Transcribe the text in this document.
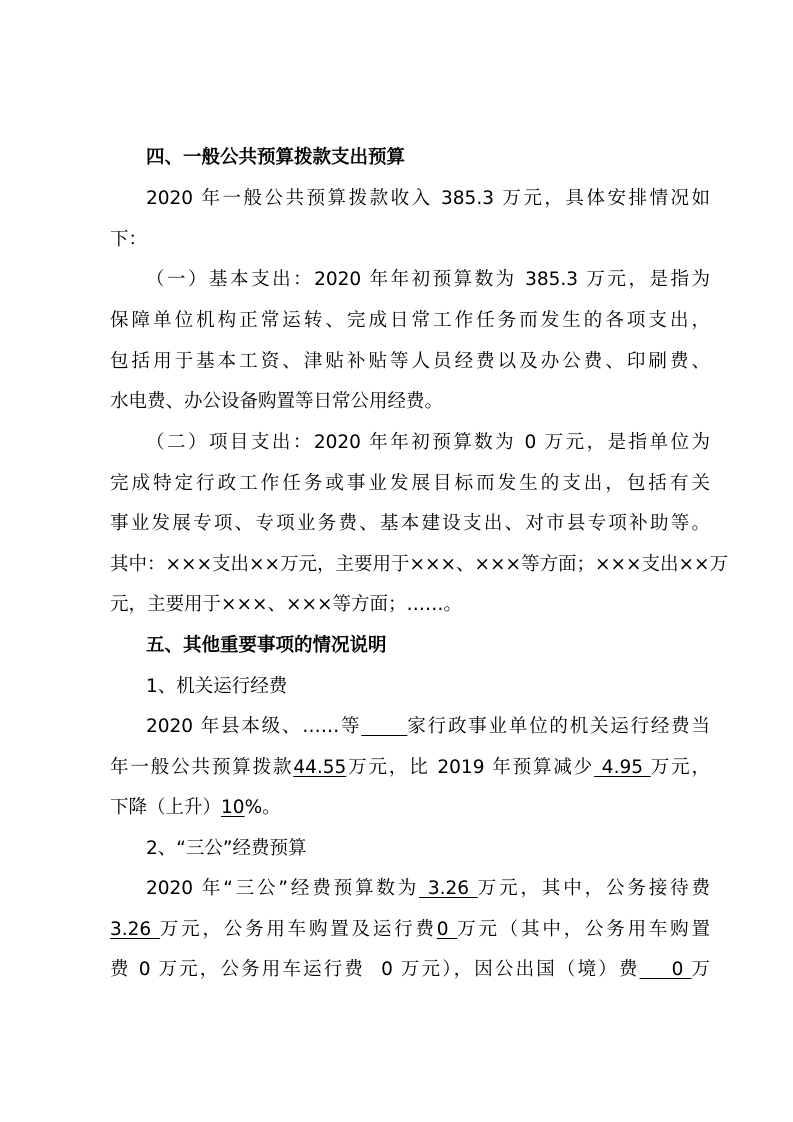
四、一般公共预算拨款支出预算
2020 年一般公共预算拨款收入 385.3 万元，具体安排情况如
下：
（一）基本支出：2020 年年初预算数为 385.3 万元，是指为
保障单位机构正常运转、完成日常工作任务而发生的各项支出，
包括用于基本工资、津贴补贴等人员经费以及办公费、印刷费、
水电费、办公设备购置等日常公用经费。
（二）项目支出：2020 年年初预算数为 0 万元，是指单位为
完成特定行政工作任务或事业发展目标而发生的支出，包括有关
事业发展专项、专项业务费、基本建设支出、对市县专项补助等。
其中：×××支出××万元，主要用于×××、×××等方面；×××支出××万
元，主要用于×××、×××等方面；……。
五、其他重要事项的情况说明
1、机关运行经费
2020 年县本级、……等 家行政事业单位的机关运行经费当
年一般公共预算拨款44.55万元，比 2019 年预算减少 4.95 万元，
下降（上升）10%。
2、“三公”经费预算
2020 年“三公”经费预算数为 3.26 万元，其中，公务接待费
3.26 万元，公务用车购置及运行费0 万元（其中，公务用车购置
费 0 万元，公务用车运行费  0 万元），因公出国（境）费    0 万
